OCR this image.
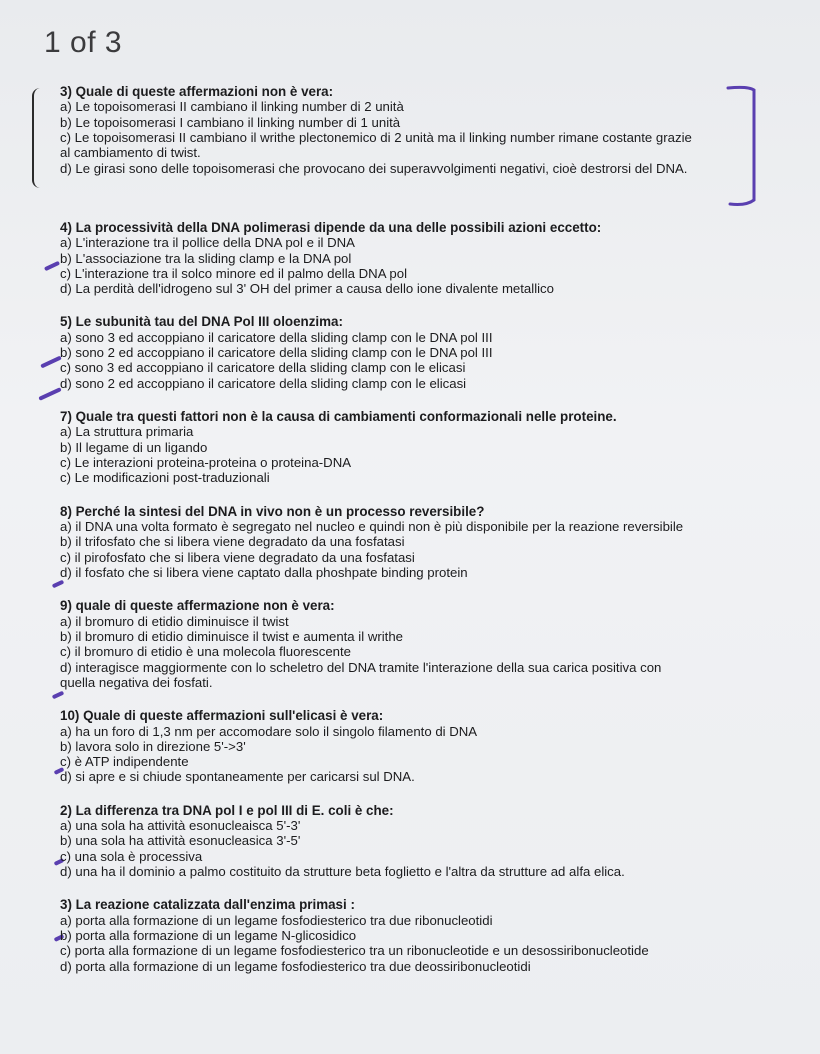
1 of 3
3) Quale di queste affermazioni non è vera:
a) Le topoisomerasi II cambiano il linking number di 2 unità
b) Le topoisomerasi I cambiano il linking number di 1 unità
c) Le topoisomerasi II cambiano il writhe plectonemico di 2 unità ma il linking number rimane costante grazie
al cambiamento di twist.
d) Le girasi sono delle topoisomerasi che provocano dei superavvolgimenti negativi, cioè destrorsi del DNA.
4) La processività della DNA polimerasi dipende da una delle possibili azioni eccetto:
a) L'interazione tra il pollice della DNA pol e il DNA
b) L'associazione tra la sliding clamp e la DNA pol
c) L'interazione tra il solco minore ed il palmo della DNA pol
d) La perdità dell'idrogeno sul 3' OH del primer a causa dello ione divalente metallico
5) Le subunità tau del DNA Pol III oloenzima:
a) sono 3 ed accoppiano il caricatore della sliding clamp con le DNA pol III
b) sono 2 ed accoppiano il caricatore della sliding clamp con le DNA pol III
c) sono 3 ed accoppiano il caricatore della sliding clamp con le elicasi
d) sono 2 ed accoppiano il caricatore della sliding clamp con le elicasi
7) Quale tra questi fattori non è la causa di cambiamenti conformazionali nelle proteine.
a) La struttura primaria
b) Il legame di un ligando
c) Le interazioni proteina-proteina o proteina-DNA
c) Le modificazioni post-traduzionali
8) Perché la sintesi del DNA in vivo non è un processo reversibile?
a) il DNA una volta formato è segregato nel nucleo e quindi non è più disponibile per la reazione reversibile
b) il trifosfato che si libera viene degradato da una fosfatasi
c) il pirofosfato che si libera viene degradato da una fosfatasi
d) il fosfato che si libera viene captato dalla phoshpate binding protein
9) quale di queste affermazione non è vera:
a) il bromuro di etidio diminuisce il twist
b) il bromuro di etidio diminuisce il twist e aumenta il writhe
c) il bromuro di etidio è una molecola fluorescente
d) interagisce maggiormente con lo scheletro del DNA tramite l'interazione della sua carica positiva con
quella negativa dei fosfati.
10) Quale di queste affermazioni sull'elicasi è vera:
a) ha un foro di 1,3 nm per accomodare solo il singolo filamento di DNA
b) lavora solo in direzione 5'->3'
c) è ATP indipendente
d) si apre e si chiude spontaneamente per caricarsi sul DNA.
2) La differenza tra DNA pol I e pol III di E. coli è che:
a) una sola ha attività esonucleaisca 5'-3'
b) una sola ha attività esonucleasica 3'-5'
c) una sola è processiva
d) una ha il dominio a palmo costituito da strutture beta foglietto e l'altra da strutture ad alfa elica.
3) La reazione catalizzata dall'enzima primasi :
a) porta alla formazione di un legame fosfodiesterico tra due ribonucleotidi
b) porta alla formazione di un legame N-glicosidico
c) porta alla formazione di un legame fosfodiesterico tra un ribonucleotide e un desossiribonucleotide
d) porta alla formazione di un legame fosfodiesterico tra due deossiribonucleotidi
